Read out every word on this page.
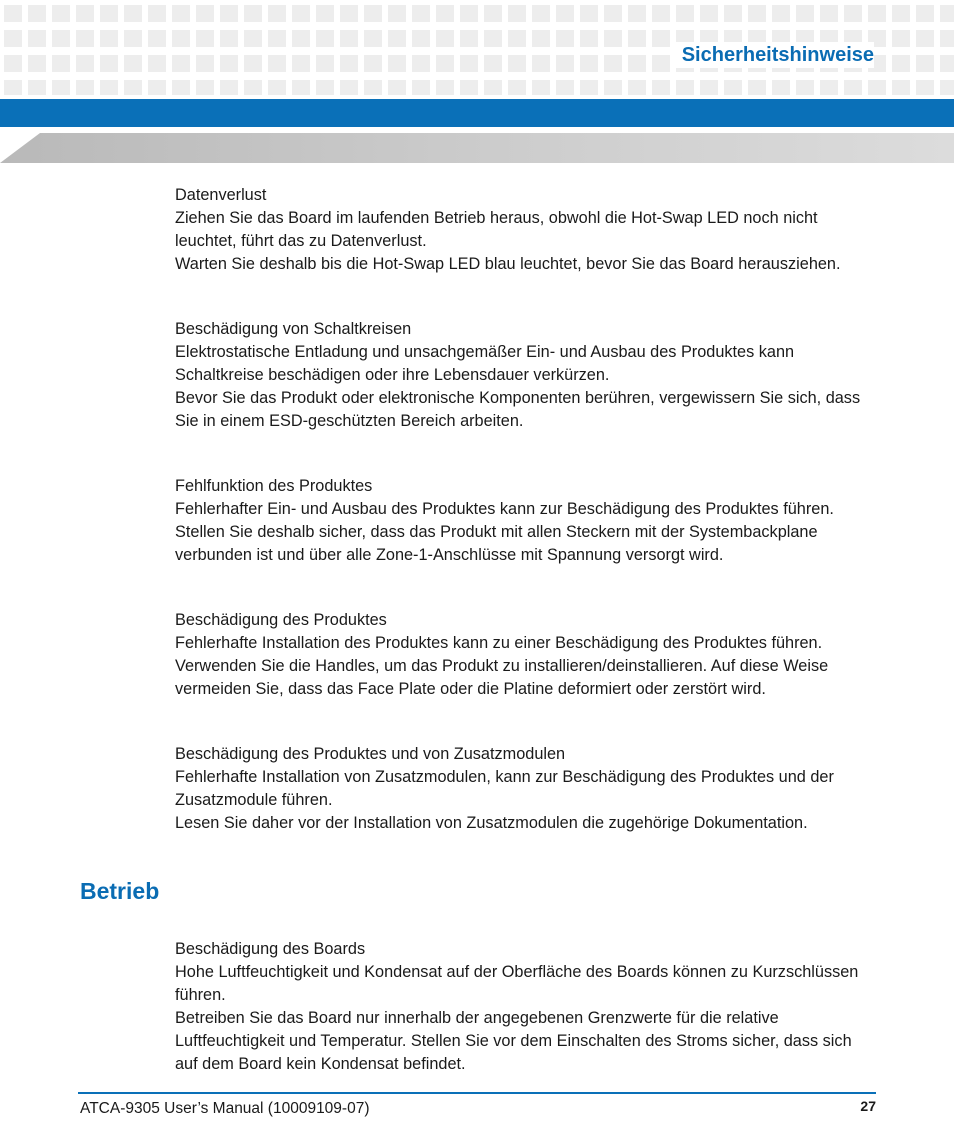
Sicherheitshinweise

Datenverlust

Ziehen Sie das Board im laufenden Betrieb heraus, obwohl die Hot-Swap LED noch nicht

leuchtet, führt das zu Datenverlust.

Warten Sie deshalb bis die Hot-Swap LED blau leuchtet, bevor Sie das Board herausziehen.

Beschädigung von Schaltkreisen

Elektrostatische Entladung und unsachgemäßer Ein- und Ausbau des Produktes kann

Schaltkreise beschädigen oder ihre Lebensdauer verkürzen.

Bevor Sie das Produkt oder elektronische Komponenten berühren, vergewissern Sie sich, dass

Sie in einem ESD-geschützten Bereich arbeiten.

Fehlfunktion des Produktes

Fehlerhafter Ein- und Ausbau des Produktes kann zur Beschädigung des Produktes führen.

Stellen Sie deshalb sicher, dass das Produkt mit allen Steckern mit der Systembackplane

verbunden ist und über alle Zone-1-Anschlüsse mit Spannung versorgt wird.

Beschädigung des Produktes

Fehlerhafte Installation des Produktes kann zu einer Beschädigung des Produktes führen.

Verwenden Sie die Handles, um das Produkt zu installieren/deinstallieren. Auf diese Weise

vermeiden Sie, dass das Face Plate oder die Platine deformiert oder zerstört wird.

Beschädigung des Produktes und von Zusatzmodulen

Fehlerhafte Installation von Zusatzmodulen, kann zur Beschädigung des Produktes und der

Zusatzmodule führen.

Lesen Sie daher vor der Installation von Zusatzmodulen die zugehörige Dokumentation.

Betrieb

Beschädigung des Boards

Hohe Luftfeuchtigkeit und Kondensat auf der Oberfläche des Boards können zu Kurzschlüssen

führen.

Betreiben Sie das Board nur innerhalb der angegebenen Grenzwerte für die relative

Luftfeuchtigkeit und Temperatur. Stellen Sie vor dem Einschalten des Stroms sicher, dass sich

auf dem Board kein Kondensat befindet.

ATCA-9305 User’s Manual (10009109-07)	27
